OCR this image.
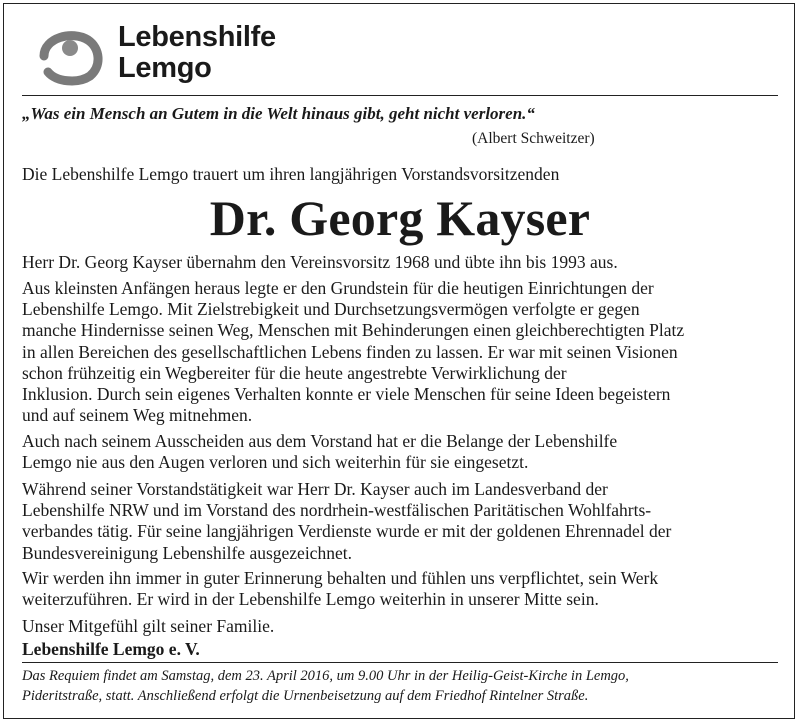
Lebenshilfe
Lemgo
„Was ein Mensch an Gutem in die Welt hinaus gibt, geht nicht verloren.“
(Albert Schweitzer)
Die Lebenshilfe Lemgo trauert um ihren langjährigen Vorstandsvorsitzenden
Dr. Georg Kayser
Herr Dr. Georg Kayser übernahm den Vereinsvorsitz 1968 und übte ihn bis 1993 aus.
Aus kleinsten Anfängen heraus legte er den Grundstein für die heutigen Einrichtungen der
Lebenshilfe Lemgo. Mit Zielstrebigkeit und Durchsetzungsvermögen verfolgte er gegen
manche Hindernisse seinen Weg, Menschen mit Behinderungen einen gleichberechtigten Platz
in allen Bereichen des gesellschaftlichen Lebens finden zu lassen. Er war mit seinen Visionen
schon frühzeitig ein Wegbereiter für die heute angestrebte Verwirklichung der
Inklusion. Durch sein eigenes Verhalten konnte er viele Menschen für seine Ideen begeistern
und auf seinem Weg mitnehmen.
Auch nach seinem Ausscheiden aus dem Vorstand hat er die Belange der Lebenshilfe
Lemgo nie aus den Augen verloren und sich weiterhin für sie eingesetzt.
Während seiner Vorstandstätigkeit war Herr Dr. Kayser auch im Landesverband der
Lebenshilfe NRW und im Vorstand des nordrhein-westfälischen Paritätischen Wohlfahrts-
verbandes tätig. Für seine langjährigen Verdienste wurde er mit der goldenen Ehrennadel der
Bundesvereinigung Lebenshilfe ausgezeichnet.
Wir werden ihn immer in guter Erinnerung behalten und fühlen uns verpflichtet, sein Werk
weiterzuführen. Er wird in der Lebenshilfe Lemgo weiterhin in unserer Mitte sein.
Unser Mitgefühl gilt seiner Familie.
Lebenshilfe Lemgo e. V.
Das Requiem findet am Samstag, dem 23. April 2016, um 9.00 Uhr in der Heilig-Geist-Kirche in Lemgo,
Pideritstraße, statt. Anschließend erfolgt die Urnenbeisetzung auf dem Friedhof Rintelner Straße.
